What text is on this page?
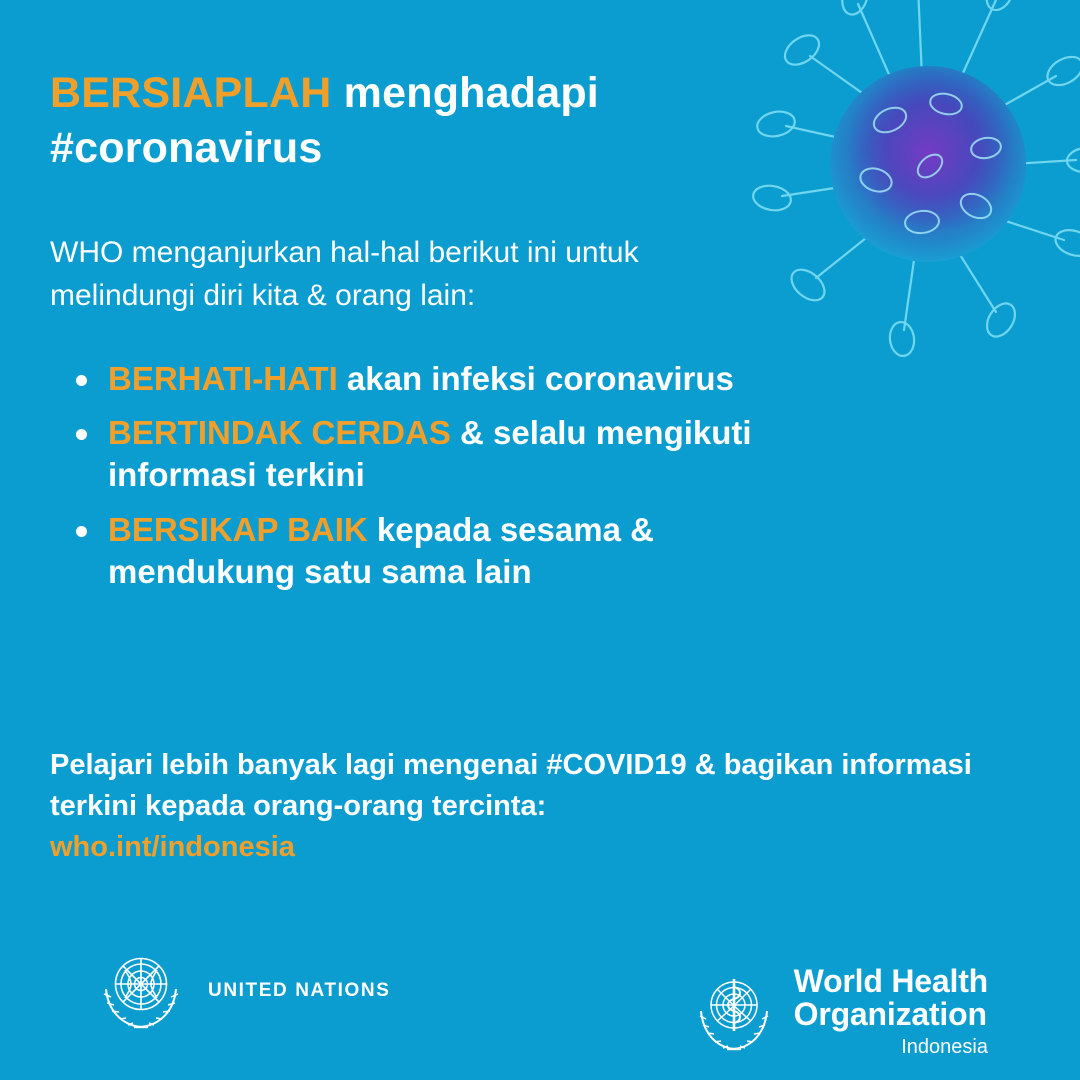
BERSIAPLAH menghadapi #coronavirus
WHO menganjurkan hal-hal berikut ini untuk melindungi diri kita & orang lain:
BERHATI-HATI akan infeksi coronavirus
BERTINDAK CERDAS & selalu mengikuti informasi terkini
BERSIKAP BAIK kepada sesama & mendukung satu sama lain
Pelajari lebih banyak lagi mengenai #COVID19 & bagikan informasi terkini kepada orang-orang tercinta:
who.int/indonesia
UNITED NATIONS	World Health
Organization
Indonesia
